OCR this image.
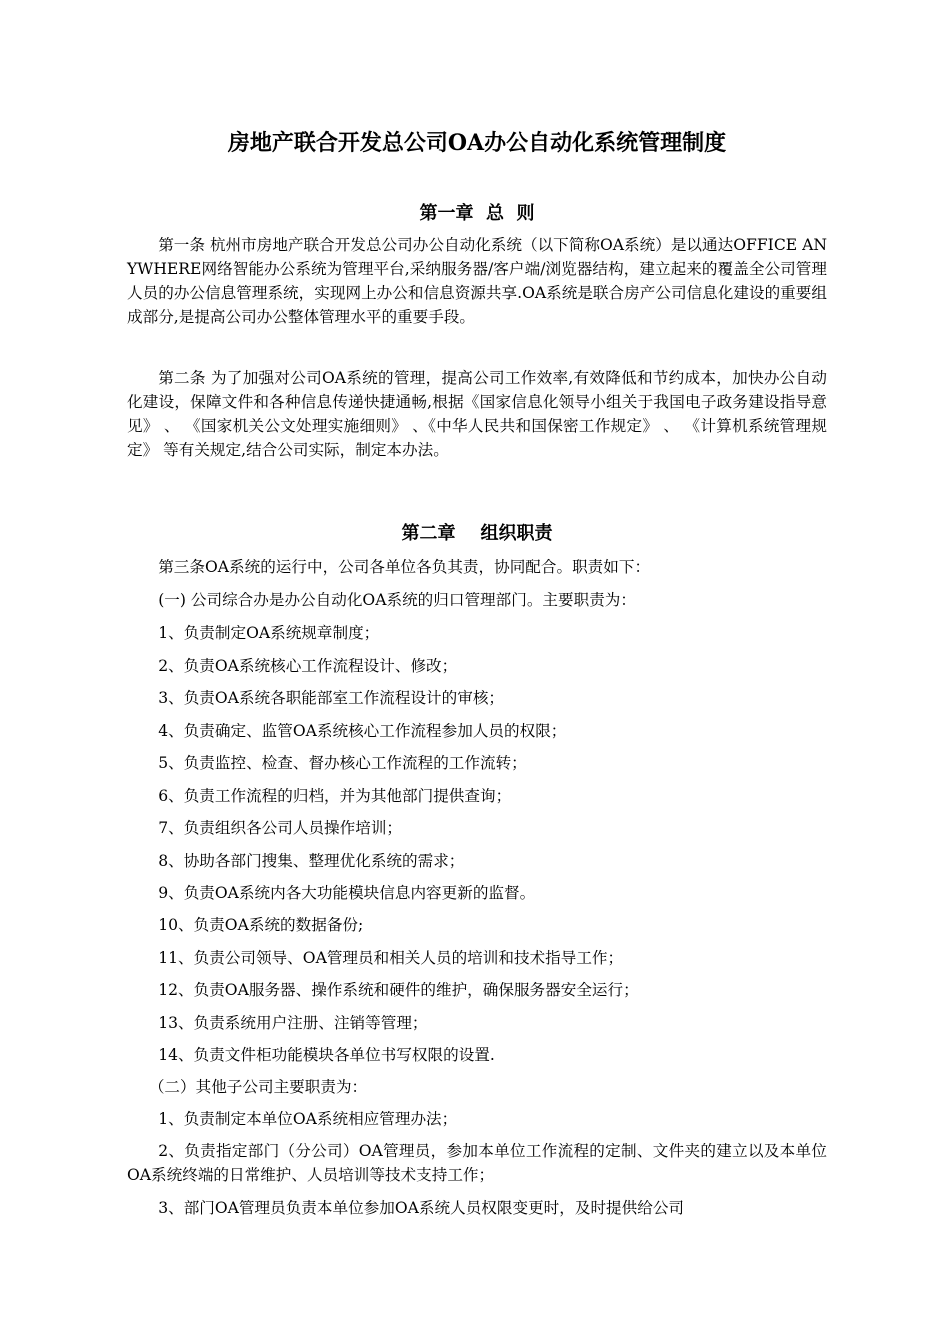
房地产联合开发总公司OA办公自动化系统管理制度
第一章  总  则
第一条 杭州市房地产联合开发总公司办公自动化系统（以下简称OA系统）是以通达OFFICE ANYWHERE网络智能办公系统为管理平台,采纳服务器/客户端/浏览器结构，建立起来的覆盖全公司管理人员的办公信息管理系统，实现网上办公和信息资源共享.OA系统是联合房产公司信息化建设的重要组成部分,是提高公司办公整体管理水平的重要手段。
第二条 为了加强对公司OA系统的管理，提高公司工作效率,有效降低和节约成本，加快办公自动化建设，保障文件和各种信息传递快捷通畅,根据《国家信息化领导小组关于我国电子政务建设指导意见》 、 《国家机关公文处理实施细则》 、《中华人民共和国保密工作规定》 、 《计算机系统管理规定》 等有关规定,结合公司实际，制定本办法。
第二章    组织职责
第三条OA系统的运行中，公司各单位各负其责，协同配合。职责如下：
(一) 公司综合办是办公自动化OA系统的归口管理部门。主要职责为：
1、负责制定OA系统规章制度；
2、负责OA系统核心工作流程设计、修改；
3、负责OA系统各职能部室工作流程设计的审核；
4、负责确定、监管OA系统核心工作流程参加人员的权限；
5、负责监控、检查、督办核心工作流程的工作流转；
6、负责工作流程的归档，并为其他部门提供查询；
7、负责组织各公司人员操作培训；
8、协助各部门搜集、整理优化系统的需求；
9、负责OA系统内各大功能模块信息内容更新的监督。
10、负责OA系统的数据备份;
11、负责公司领导、OA管理员和相关人员的培训和技术指导工作；
12、负责OA服务器、操作系统和硬件的维护，确保服务器安全运行；
13、负责系统用户注册、注销等管理；
14、负责文件柜功能模块各单位书写权限的设置.
（二）其他子公司主要职责为：
1、负责制定本单位OA系统相应管理办法；
2、负责指定部门（分公司）OA管理员，参加本单位工作流程的定制、文件夹的建立以及本单位OA系统终端的日常维护、人员培训等技术支持工作；
3、部门OA管理员负责本单位参加OA系统人员权限变更时，及时提供给公司
